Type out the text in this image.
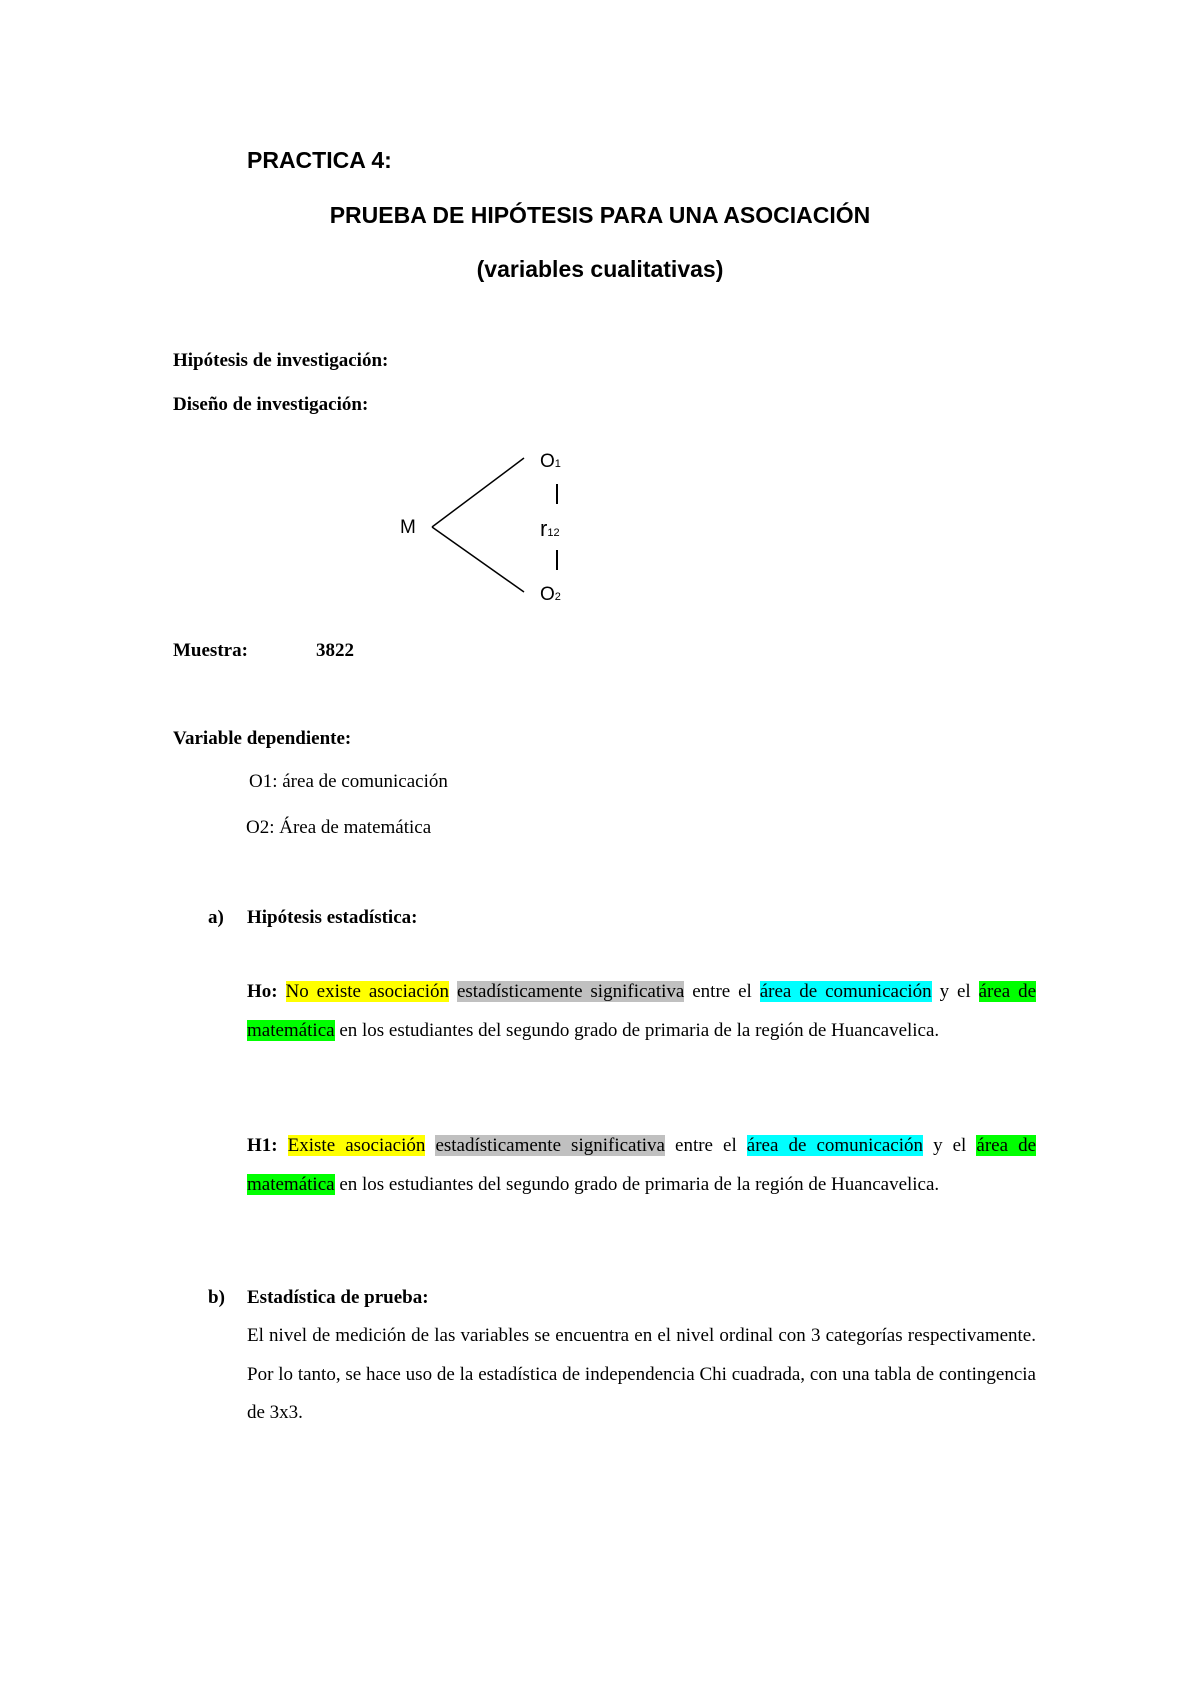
PRACTICA 4:

PRUEBA DE HIPÓTESIS PARA UNA ASOCIACIÓN

(variables cualitativas)

Hipótesis de investigación:

Diseño de investigación:

M
O1
r12
O2

Muestra:	3822

Variable dependiente:

O1: área de comunicación

O2: Área de matemática

a) Hipótesis estadística:

Ho: No existe asociación estadísticamente significativa entre el área de comunicación y el área de matemática en los estudiantes del segundo grado de primaria de la región de Huancavelica.

H1: Existe asociación estadísticamente significativa entre el área de comunicación y el área de matemática en los estudiantes del segundo grado de primaria de la región de Huancavelica.

b) Estadística de prueba:

El nivel de medición de las variables se encuentra en el nivel ordinal con 3 categorías respectivamente. Por lo tanto, se hace uso de la estadística de independencia Chi cuadrada, con una tabla de contingencia de 3x3.
